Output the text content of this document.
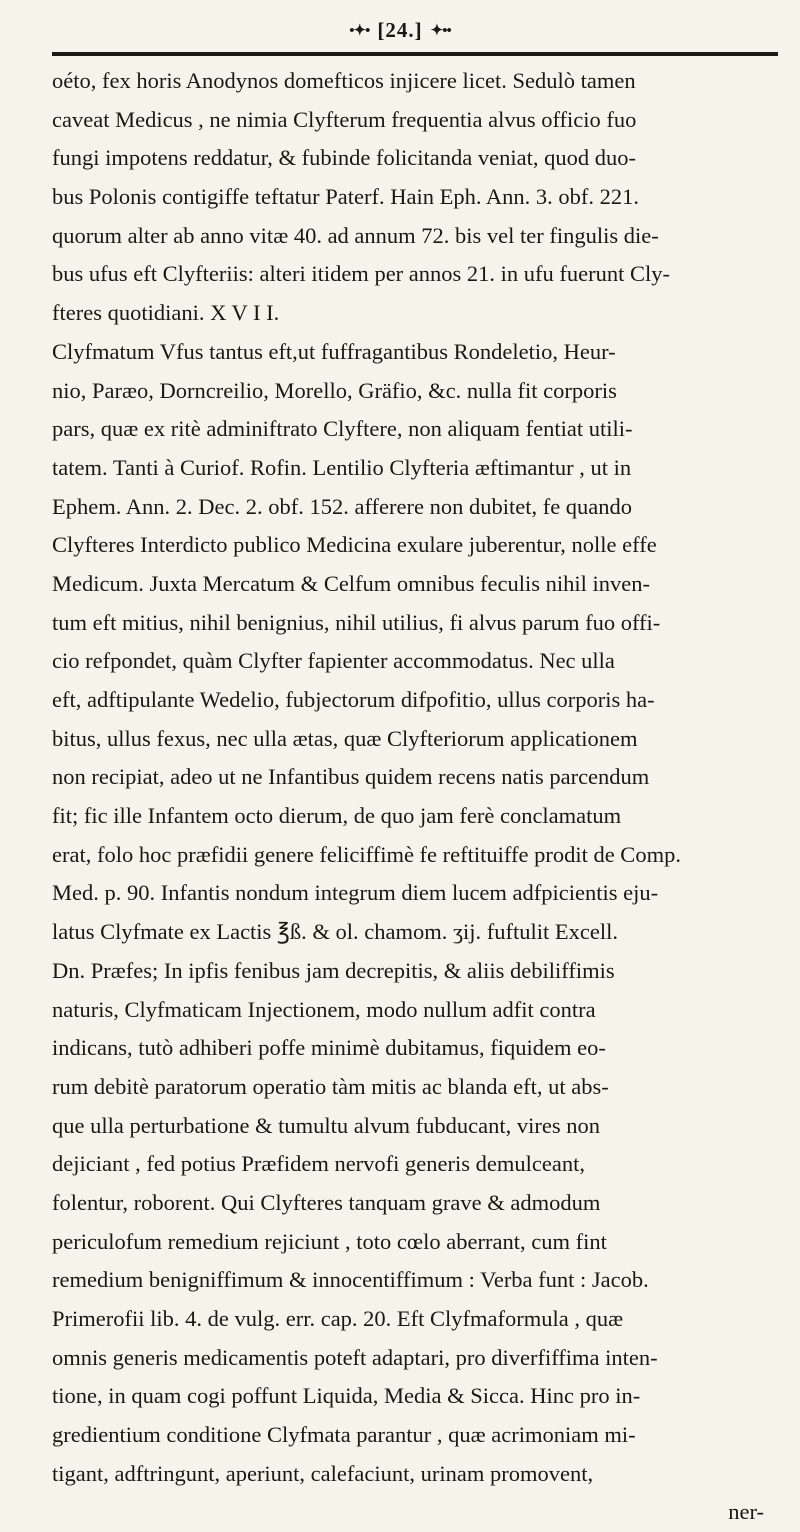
•✦• [24.] ✦••
oéto, fex horis Anodynos domefticos injicere licet. Sedulò tamen
caveat Medicus , ne nimia Clyfterum frequentia alvus officio fuo
fungi impotens reddatur, & fubinde folicitanda veniat, quod duo-
bus Polonis contigiffe teftatur Paterf. Hain Eph. Ann. 3. obf. 221.
quorum alter ab anno vitæ 40. ad annum 72. bis vel ter fingulis die-
bus ufus eft Clyfteriis: alteri itidem per annos 21. in ufu fuerunt Cly-
fteres quotidiani. X V I I.
Clyfmatum Vfus tantus eft,ut fuffragantibus Rondeletio, Heur-
nio, Paræo, Dorncreilio, Morello, Gräfio, &c. nulla fit corporis
pars, quæ ex ritè adminiftrato Clyftere, non aliquam fentiat utili-
tatem. Tanti à Curiof. Rofin. Lentilio Clyfteria æftimantur , ut in
Ephem. Ann. 2. Dec. 2. obf. 152. afferere non dubitet, fe quando
Clyfteres Interdicto publico Medicina exulare juberentur, nolle effe
Medicum. Juxta Mercatum & Celfum omnibus feculis nihil inven-
tum eft mitius, nihil benignius, nihil utilius, fi alvus parum fuo offi-
cio refpondet, quàm Clyfter fapienter accommodatus. Nec ulla
eft, adftipulante Wedelio, fubjectorum difpofitio, ullus corporis ha-
bitus, ullus fexus, nec ulla ætas, quæ Clyfteriorum applicationem
non recipiat, adeo ut ne Infantibus quidem recens natis parcendum
fit; fic ille Infantem octo dierum, de quo jam ferè conclamatum
erat, folo hoc præfidii genere feliciffimè fe reftituiffe prodit de Comp.
Med. p. 90. Infantis nondum integrum diem lucem adfpicientis eju-
latus Clyfmate ex Lactis ℥ß. & ol. chamom. ʒij. fuftulit Excell.
Dn. Præfes; In ipfis fenibus jam decrepitis, & aliis debiliffimis
naturis, Clyfmaticam Injectionem, modo nullum adfit contra
indicans, tutò adhiberi poffe minimè dubitamus, fiquidem eo-
rum debitè paratorum operatio tàm mitis ac blanda eft, ut abs-
que ulla perturbatione & tumultu alvum fubducant, vires non
dejiciant , fed potius Præfidem nervofi generis demulceant,
folentur, roborent. Qui Clyfteres tanquam grave & admodum
periculofum remedium rejiciunt , toto cœlo aberrant, cum fint
remedium benigniffimum & innocentiffimum : Verba funt : Jacob.
Primerofii lib. 4. de vulg. err. cap. 20. Eft Clyfmaformula , quæ
omnis generis medicamentis poteft adaptari, pro diverfiffima inten-
tione, in quam cogi poffunt Liquida, Media & Sicca. Hinc pro in-
gredientium conditione Clyfmata parantur , quæ acrimoniam mi-
tigant, adftringunt, aperiunt, calefaciunt, urinam promovent,
ner-
